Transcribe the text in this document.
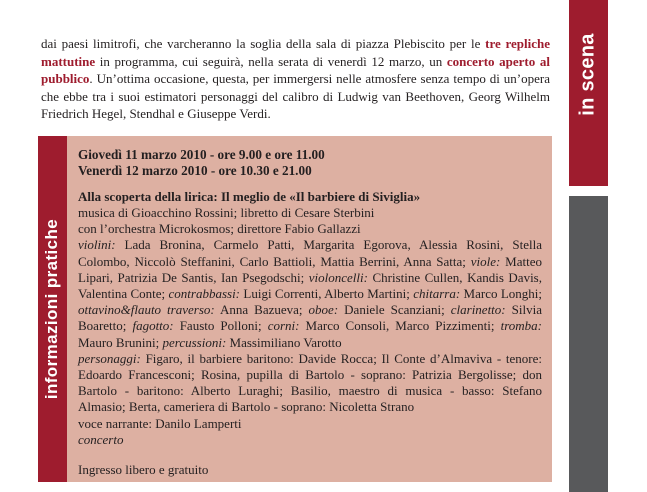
dai paesi limitrofi, che varcheranno la soglia della sala di piazza Plebiscito per le tre repliche mattutine in programma, cui seguirà, nella serata di venerdì 12 marzo, un concerto aperto al pubblico. Un’ottima occasione, questa, per immergersi nelle atmosfere senza tempo di un’opera che ebbe tra i suoi estimatori personaggi del calibro di Ludwig van Beethoven, Georg Wilhelm Friedrich Hegel, Stendhal e Giuseppe Verdi.	in scena
informazioni pratiche
Giovedì 11 marzo 2010 - ore 9.00 e ore 11.00
Venerdì 12 marzo 2010 - ore 10.30 e 21.00
Alla scoperta della lirica: Il meglio de «Il barbiere di Siviglia»
musica di Gioacchino Rossini; libretto di Cesare Sterbini
con l’orchestra Microkosmos; direttore Fabio Gallazzi
violini: Lada Bronina, Carmelo Patti, Margarita Egorova, Alessia Rosini, Stella Colombo, Niccolò Steffanini, Carlo Battioli, Mattia Berrini, Anna Satta; viole: Matteo Lipari, Patrizia De Santis, Ian Psegodschi; violoncelli: Christine Cullen, Kandis Davis, Valentina Conte; contrabbassi: Luigi Correnti, Alberto Martini; chitarra: Marco Longhi; ottavino&flauto traverso: Anna Bazueva; oboe: Daniele Scanziani; clarinetto: Silvia Boaretto; fagotto: Fausto Polloni; corni: Marco Consoli, Marco Pizzimenti; tromba: Mauro Brunini; percussioni: Massimiliano Varotto
personaggi: Figaro, il barbiere baritono: Davide Rocca; Il Conte d’Almaviva - tenore: Edoardo Francesconi; Rosina, pupilla di Bartolo - soprano: Patrizia Bergolisse; don Bartolo - baritono: Alberto Luraghi; Basilio, maestro di musica - basso: Stefano Almasio; Berta, cameriera di Bartolo - soprano: Nicoletta Strano
voce narrante: Danilo Lamperti
concerto
Ingresso libero e gratuito
